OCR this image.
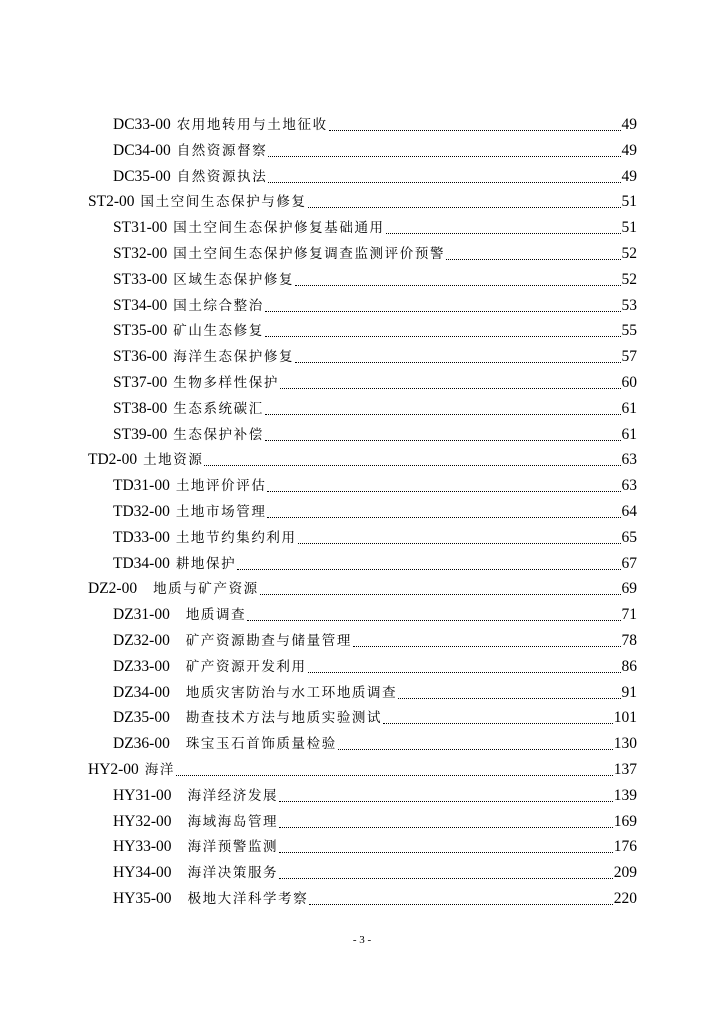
DC33-00 农用地转用与土地征收	49
DC34-00 自然资源督察	49
DC35-00 自然资源执法	49
ST2-00 国土空间生态保护与修复	51
ST31-00 国土空间生态保护修复基础通用	51
ST32-00 国土空间生态保护修复调查监测评价预警	52
ST33-00 区域生态保护修复	52
ST34-00 国土综合整治	53
ST35-00 矿山生态修复	55
ST36-00 海洋生态保护修复	57
ST37-00 生物多样性保护	60
ST38-00 生态系统碳汇	61
ST39-00 生态保护补偿	61
TD2-00 土地资源	63
TD31-00 土地评价评估	63
TD32-00 土地市场管理	64
TD33-00 土地节约集约利用	65
TD34-00 耕地保护	67
DZ2-00 地质与矿产资源	69
DZ31-00 地质调查	71
DZ32-00 矿产资源勘查与储量管理	78
DZ33-00 矿产资源开发利用	86
DZ34-00 地质灾害防治与水工环地质调查	91
DZ35-00 勘查技术方法与地质实验测试	101
DZ36-00 珠宝玉石首饰质量检验	130
HY2-00 海洋	137
HY31-00 海洋经济发展	139
HY32-00 海域海岛管理	169
HY33-00 海洋预警监测	176
HY34-00 海洋决策服务	209
HY35-00 极地大洋科学考察	220
- 3 -
